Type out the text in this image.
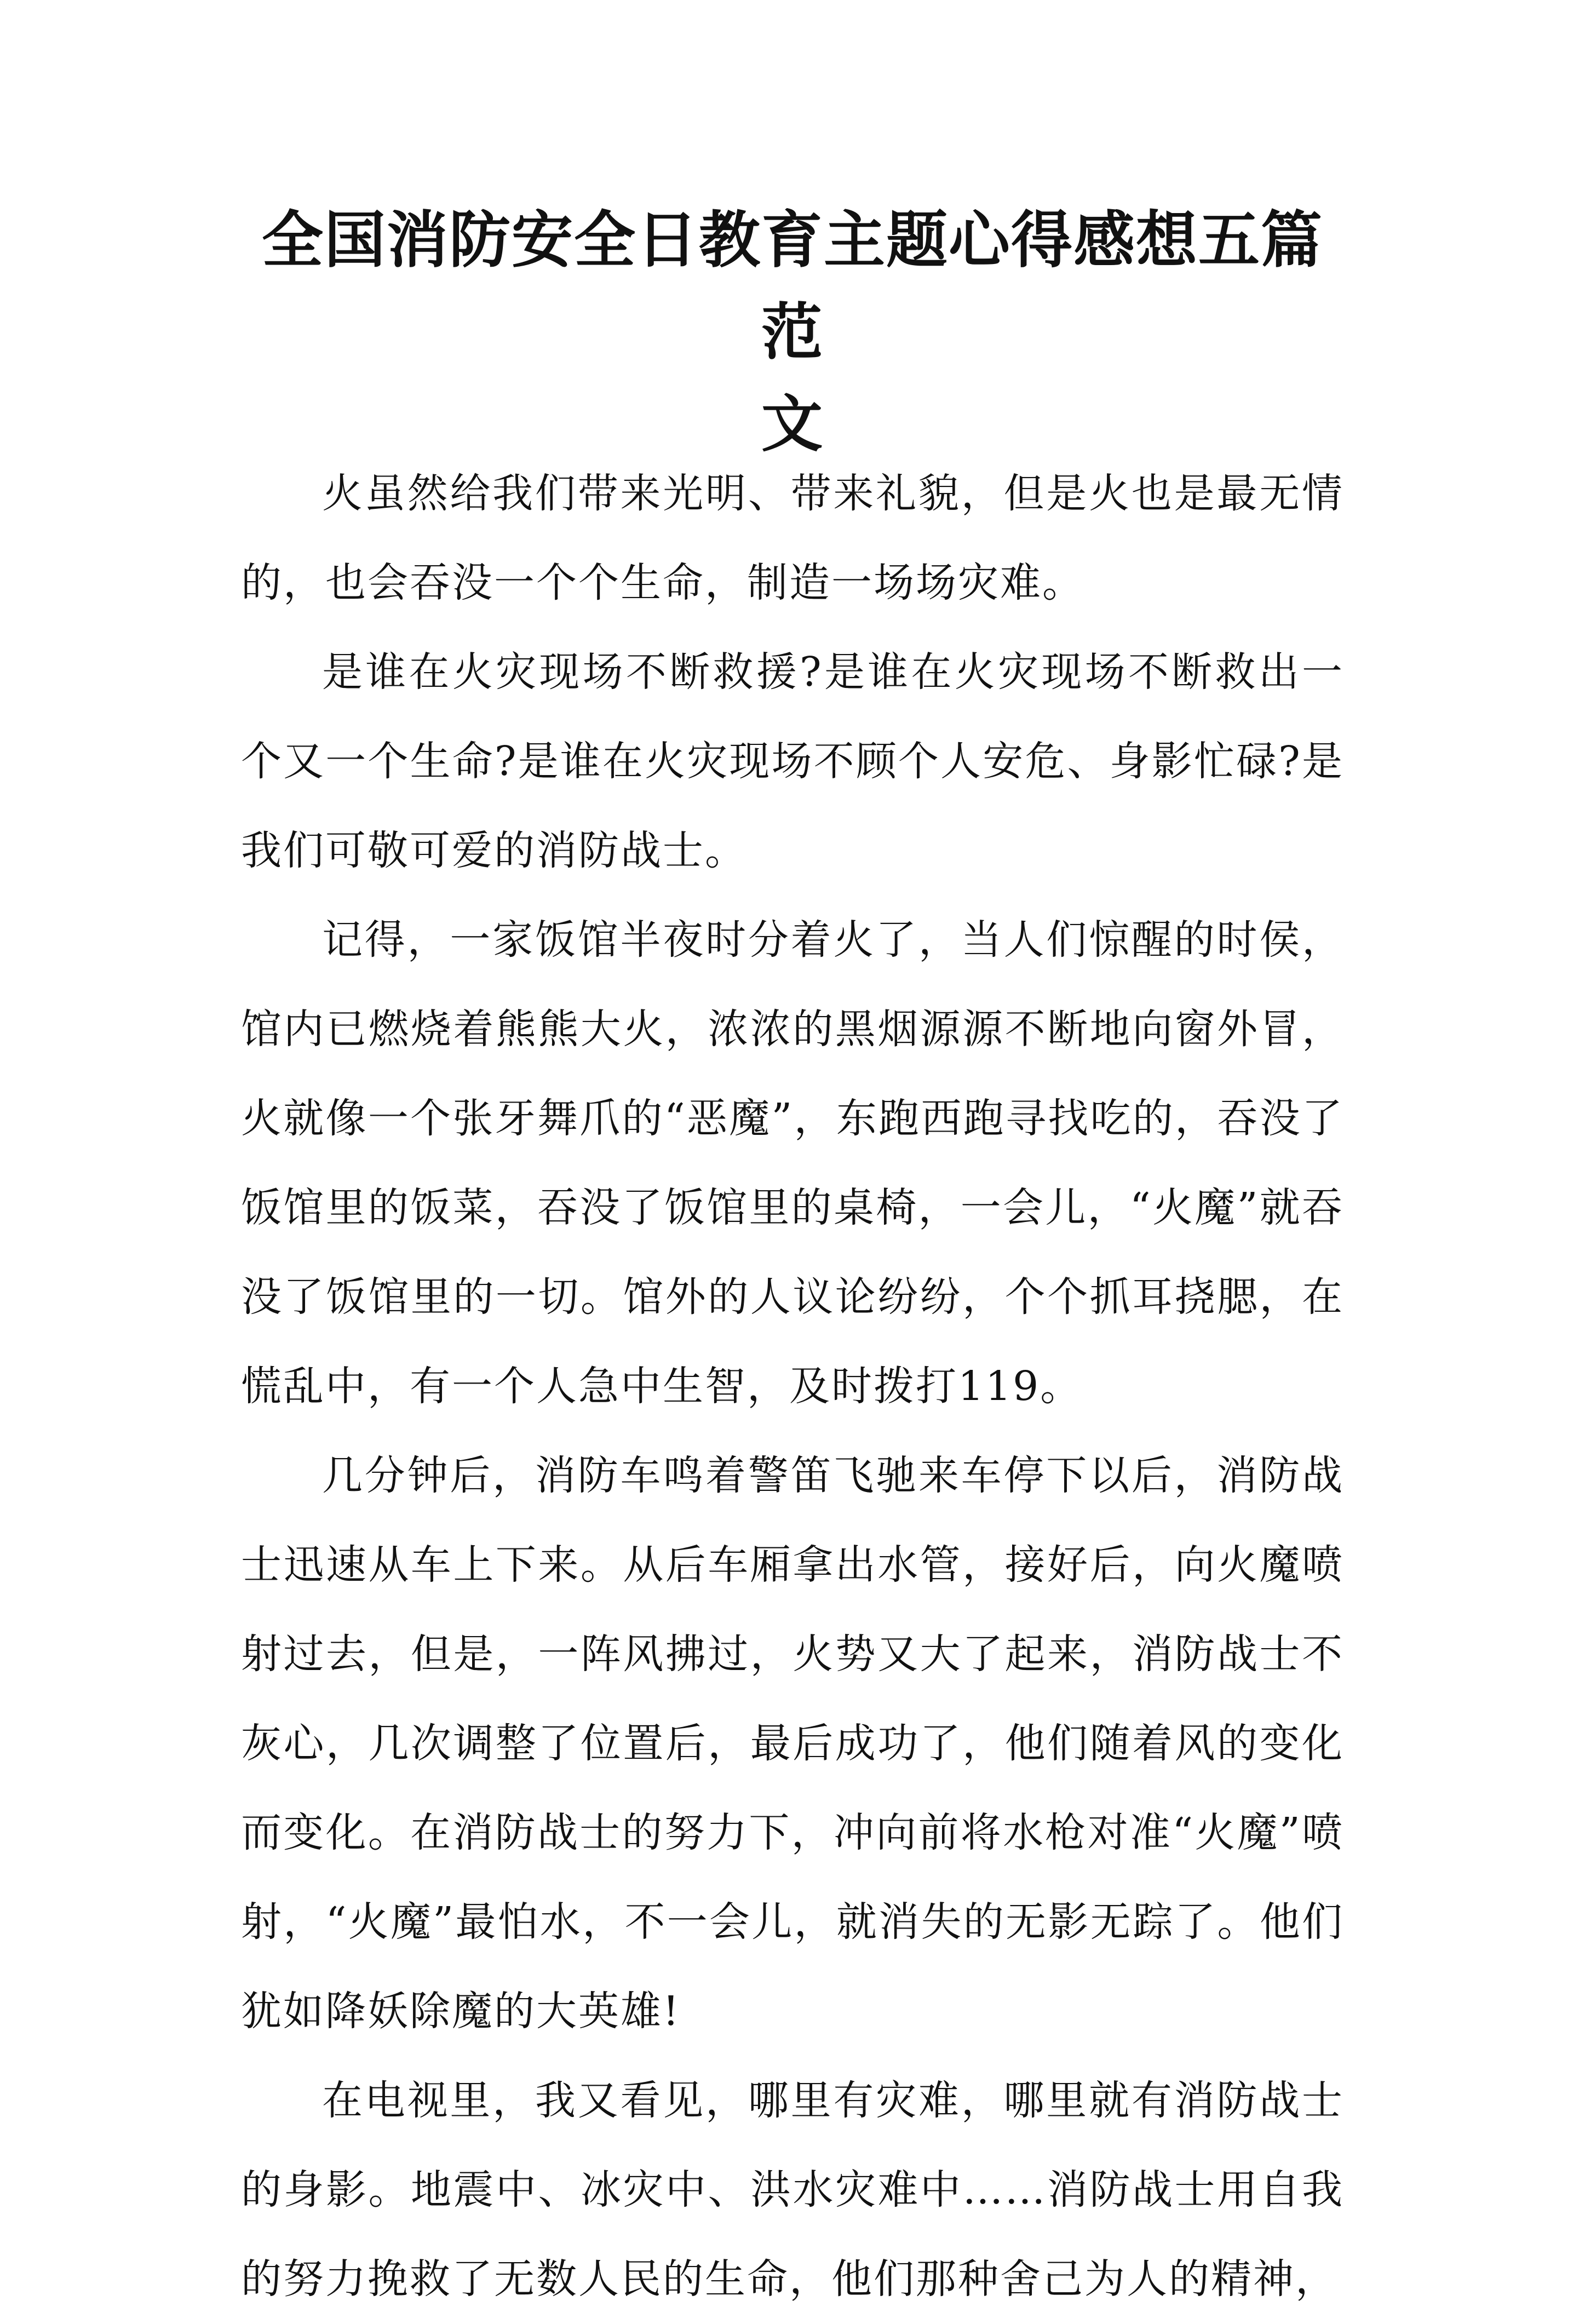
全国消防安全日教育主题心得感想五篇范
文

火虽然给我们带来光明、带来礼貌，但是火也是最无情的，也会吞没一个个生命，制造一场场灾难。

是谁在火灾现场不断救援?是谁在火灾现场不断救出一个又一个生命?是谁在火灾现场不顾个人安危、身影忙碌?是我们可敬可爱的消防战士。

记得，一家饭馆半夜时分着火了，当人们惊醒的时侯，馆内已燃烧着熊熊大火，浓浓的黑烟源源不断地向窗外冒，火就像一个张牙舞爪的“恶魔”，东跑西跑寻找吃的，吞没了饭馆里的饭菜，吞没了饭馆里的桌椅，一会儿，“火魔”就吞没了饭馆里的一切。馆外的人议论纷纷，个个抓耳挠腮，在慌乱中，有一个人急中生智，及时拨打119。

几分钟后，消防车鸣着警笛飞驰来车停下以后，消防战士迅速从车上下来。从后车厢拿出水管，接好后，向火魔喷射过去，但是，一阵风拂过，火势又大了起来，消防战士不灰心，几次调整了位置后，最后成功了，他们随着风的变化而变化。在消防战士的努力下，冲向前将水枪对准“火魔”喷射，“火魔”最怕水，不一会儿，就消失的无影无踪了。他们犹如降妖除魔的大英雄!

在电视里，我又看见，哪里有灾难，哪里就有消防战士的身影。地震中、冰灾中、洪水灾难中……消防战士用自我的努力挽救了无数人民的生命，他们那种舍己为人的精神，
